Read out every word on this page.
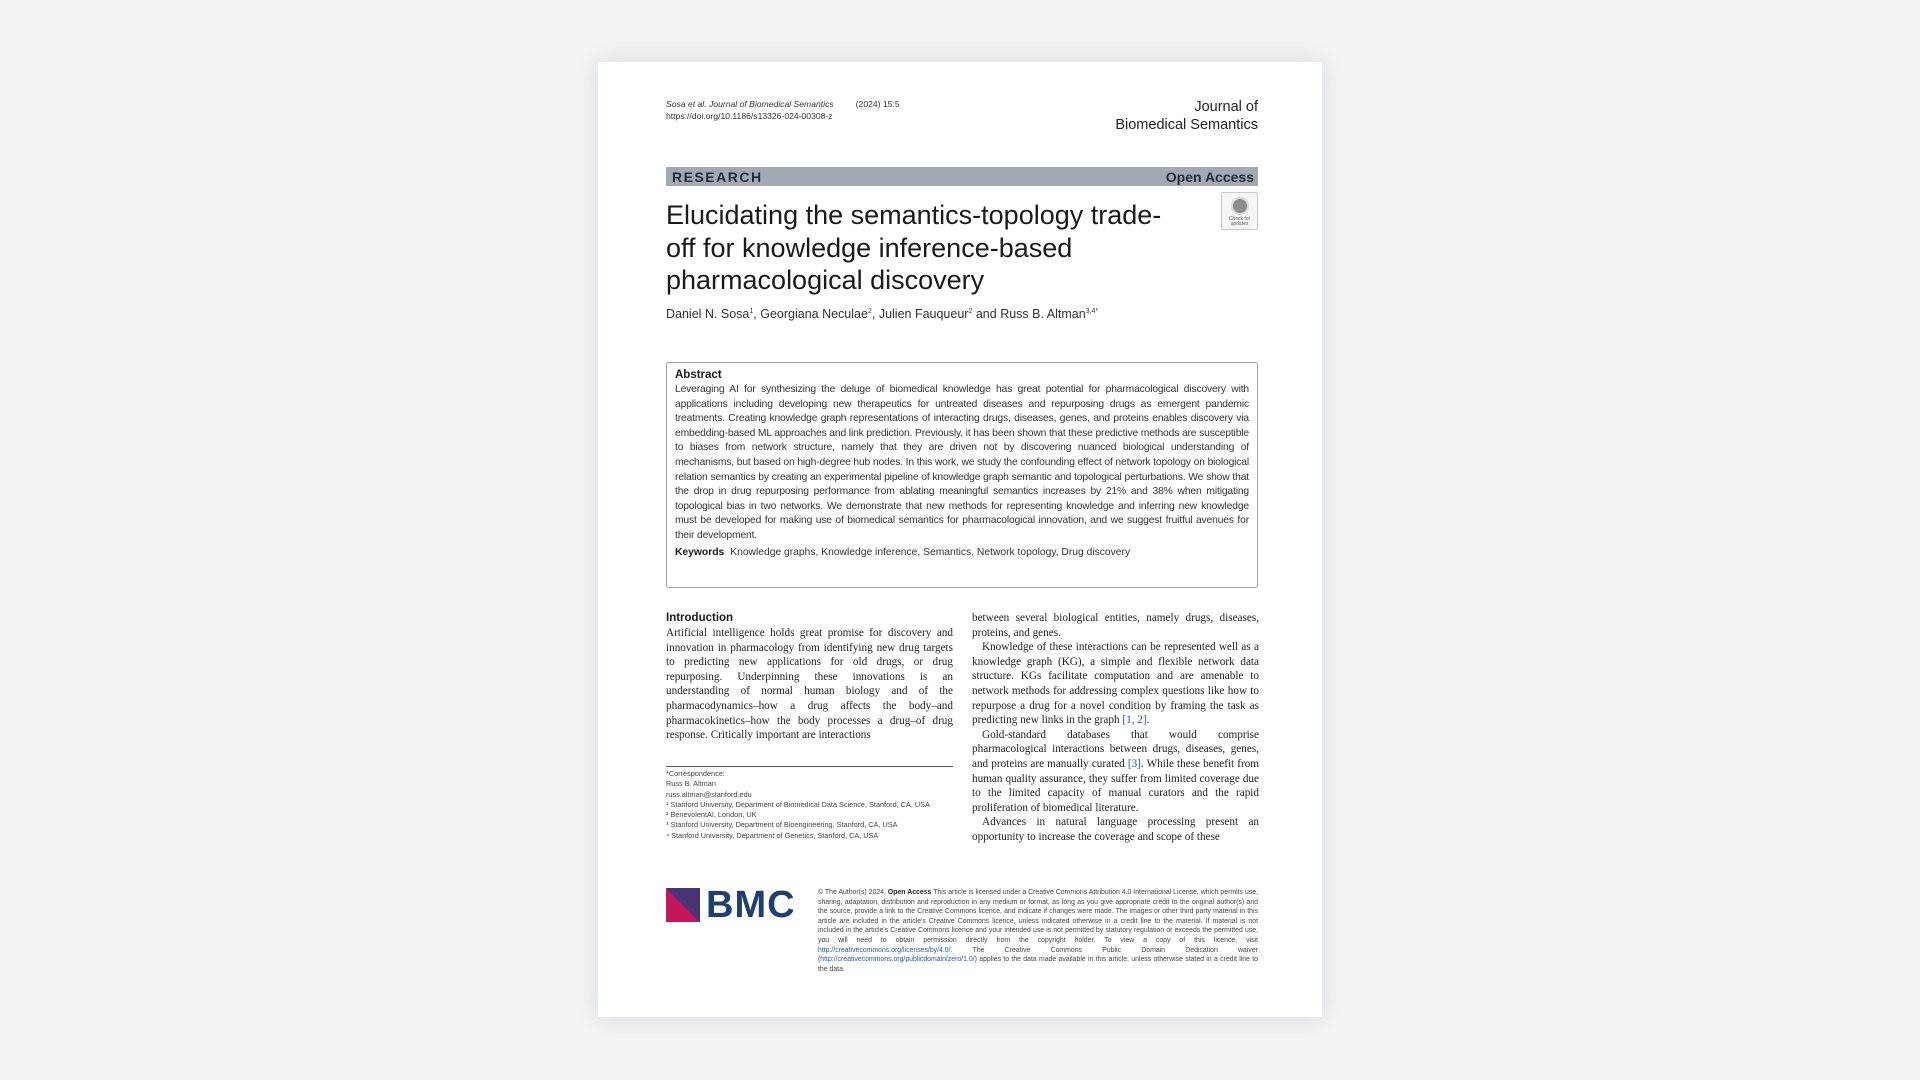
Sosa et al. Journal of Biomedical Semantics	(2024) 15:5
https://doi.org/10.1186/s13326-024-00308-z
Journal of
Biomedical Semantics
RESEARCH	Open Access
Check for updates
Elucidating the semantics-topology trade-off for knowledge inference-based pharmacological discovery
Daniel N. Sosa$^1$, Georgiana Neculae$^2$, Julien Fauqueur$^2$ and Russ B. Altman$^{3,4*}$
Abstract

Leveraging AI for synthesizing the deluge of biomedical knowledge has great potential for pharmacological discovery with applications including developing new therapeutics for untreated diseases and repurposing drugs as emergent pandemic treatments. Creating knowledge graph representations of interacting drugs, diseases, genes, and proteins enables discovery via embedding-based ML approaches and link prediction. Previously, it has been shown that these predictive methods are susceptible to biases from network structure, namely that they are driven not by discovering nuanced biological understanding of mechanisms, but based on high-degree hub nodes. In this work, we study the confounding effect of network topology on biological relation semantics by creating an experimental pipeline of knowledge graph semantic and topological perturbations. We show that the drop in drug repurposing performance from ablating meaningful semantics increases by 21% and 38% when mitigating topological bias in two networks. We demonstrate that new methods for representing knowledge and inferring new knowledge must be developed for making use of biomedical semantics for pharmacological innovation, and we suggest fruitful avenues for their development.

Keywords Knowledge graphs, Knowledge inference, Semantics, Network topology, Drug discovery
Introduction

Artificial intelligence holds great promise for discovery and innovation in pharmacology from identifying new drug targets to predicting new applications for old drugs, or drug repurposing. Underpinning these innovations is an understanding of normal human biology and of the pharmacodynamics–how a drug affects the body–and pharmacokinetics–how the body processes a drug–of drug response. Critically important are interactions

between several biological entities, namely drugs, diseases, proteins, and genes.

Knowledge of these interactions can be represented well as a knowledge graph (KG), a simple and flexible network data structure. KGs facilitate computation and are amenable to network methods for addressing complex questions like how to repurpose a drug for a novel condition by framing the task as predicting new links in the graph [1, 2].

Gold-standard databases that would comprise pharmacological interactions between drugs, diseases, genes, and proteins are manually curated [3]. While these benefit from human quality assurance, they suffer from limited coverage due to the limited capacity of manual curators and the rapid proliferation of biomedical literature.

Advances in natural language processing present an opportunity to increase the coverage and scope of these

*Correspondence:
Russ B. Altman
russ.altman@stanford.edu
¹ Stanford University, Department of Biomedical Data Science, Stanford, CA, USA
² BenevolentAI, London, UK
³ Stanford University, Department of Bioengineering, Stanford, CA, USA
⁴ Stanford University, Department of Genetics, Stanford, CA, USA
BMC	© The Author(s) 2024. Open Access This article is licensed under a Creative Commons Attribution 4.0 International License, which permits use, sharing, adaptation, distribution and reproduction in any medium or format, as long as you give appropriate credit to the original author(s) and the source, provide a link to the Creative Commons licence, and indicate if changes were made. The images or other third party material in this article are included in the article's Creative Commons licence, unless indicated otherwise in a credit line to the material. If material is not included in the article's Creative Commons licence and your intended use is not permitted by statutory regulation or exceeds the permitted use, you will need to obtain permission directly from the copyright holder. To view a copy of this licence, visit http://creativecommons.org/licenses/by/4.0/. The Creative Commons Public Domain Dedication waiver (http://creativecommons.org/publicdomain/zero/1.0/) applies to the data made available in this article, unless otherwise stated in a credit line to the data.
